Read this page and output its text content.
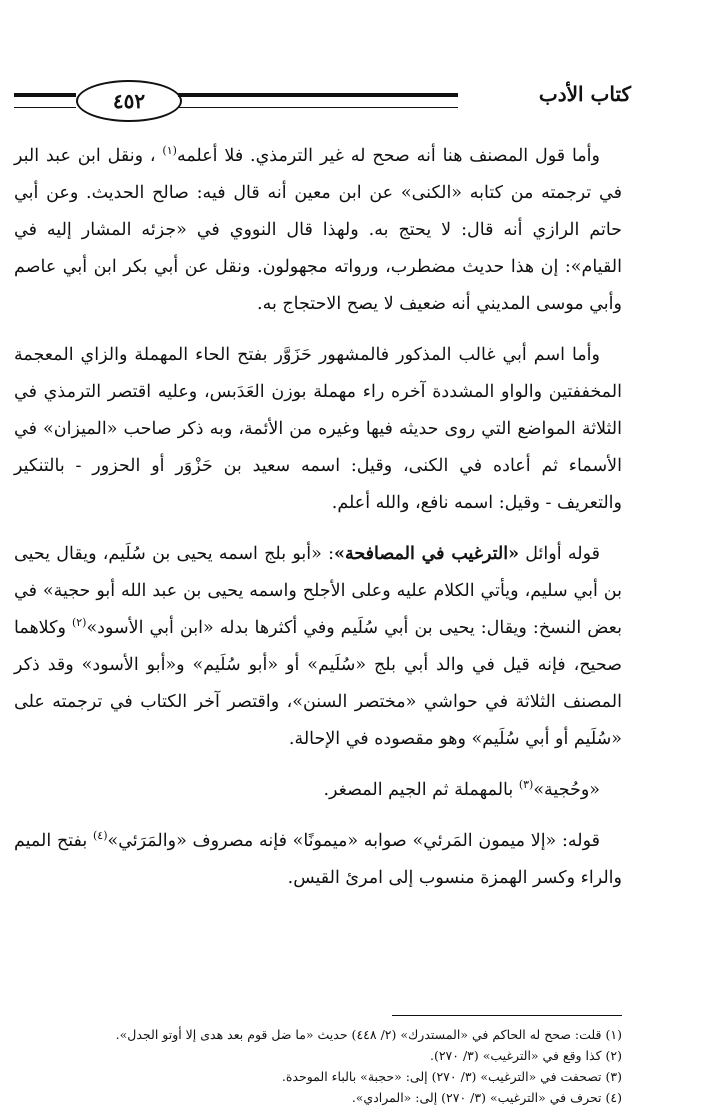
٤٥٢	كتاب الأدب

وأما قول المصنف هنا أنه صحح له غير الترمذي. فلا أعلمه$^{(١)}$ ، ونقل ابن عبد البر في ترجمته من كتابه «الكنى» عن ابن معين أنه قال فيه: صالح الحديث. وعن أبي حاتم الرازي أنه قال: لا يحتج به. ولهذا قال النووي في «جزئه المشار إليه في القيام»: إن هذا حديث مضطرب، ورواته مجهولون. ونقل عن أبي بكر ابن أبي عاصم وأبي موسى المديني أنه ضعيف لا يصح الاحتجاج به.

وأما اسم أبي غالب المذكور فالمشهور حَزَوَّر بفتح الحاء المهملة والزاي المعجمة المخففتين والواو المشددة آخره راء مهملة بوزن العَدَبس، وعليه اقتصر الترمذي في الثلاثة المواضع التي روى حديثه فيها وغيره من الأئمة، وبه ذكر صاحب «الميزان» في الأسماء ثم أعاده في الكنى، وقيل: اسمه سعيد بن حَزْوَر أو الحزور - بالتنكير والتعريف - وقيل: اسمه نافع، والله أعلم.

قوله أوائل «الترغيب في المصافحة»: «أبو بلج اسمه يحيى بن سُلَيم، ويقال يحيى بن أبي سليم، ويأتي الكلام عليه وعلى الأجلح واسمه يحيى بن عبد الله أبو حجية» في بعض النسخ: ويقال: يحيى بن أبي سُلَيم وفي أكثرها بدله «ابن أبي الأسود»$^{(٢)}$ وكلاهما صحيح، فإنه قيل في والد أبي بلج «سُلَيم» أو «أبو سُلَيم» و«أبو الأسود» وقد ذكر المصنف الثلاثة في حواشي «مختصر السنن»، واقتصر آخر الكتاب في ترجمته على «سُلَيم أو أبي سُلَيم» وهو مقصوده في الإحالة.

«وحُجية»$^{(٣)}$ بالمهملة ثم الجيم المصغر.

قوله: «إلا ميمون المَرئي» صوابه «ميمونًا» فإنه مصروف «والمَرَئي»$^{(٤)}$ بفتح الميم والراء وكسر الهمزة منسوب إلى امرئ القيس.

(١) قلت: صحح له الحاكم في «المستدرك» (٢/ ٤٤٨) حديث «ما ضل قوم بعد هدى إلا أوتو الجدل».

(٢) كذا وقع في «الترغيب» (٣/ ٢٧٠).

(٣) تصحفت في «الترغيب» (٣/ ٢٧٠) إلى: «حجبة» بالباء الموحدة.

(٤) تحرف في «الترغيب» (٣/ ٢٧٠) إلى: «المرادي».
